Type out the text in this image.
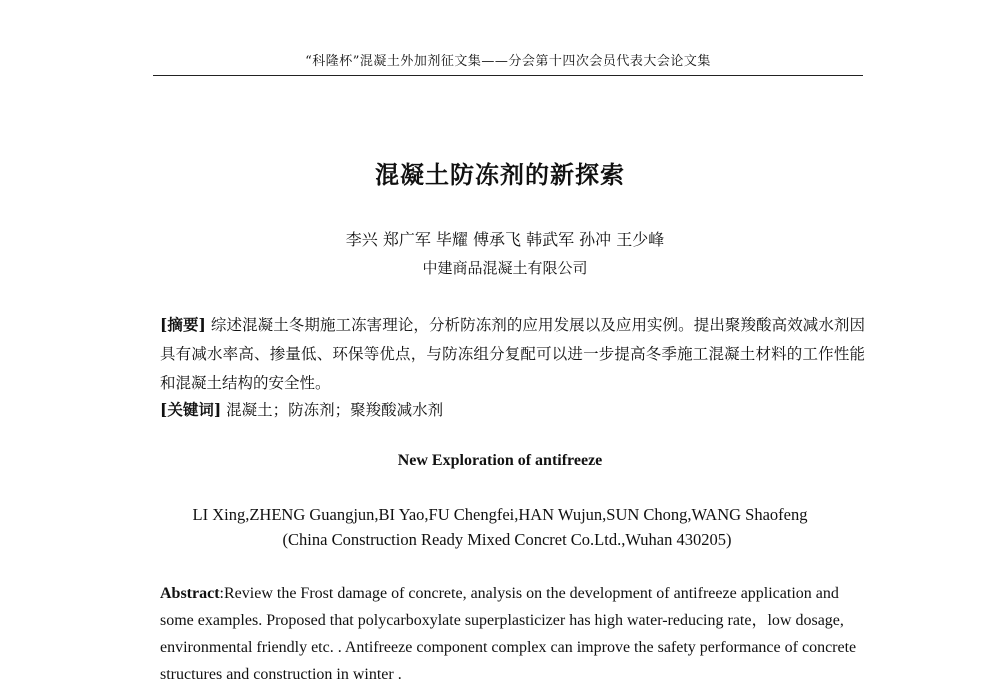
“科隆杯”混凝土外加剂征文集——分会第十四次会员代表大会论文集
混凝土防冻剂的新探索
李兴 郑广军 毕耀 傅承飞 韩武军 孙冲 王少峰
中建商品混凝土有限公司
[摘要] 综述混凝土冬期施工冻害理论，分析防冻剂的应用发展以及应用实例。提出聚羧酸高效减水剂因具有减水率高、掺量低、环保等优点，与防冻组分复配可以进一步提高冬季施工混凝土材料的工作性能和混凝土结构的安全性。
[关键词] 混凝土；防冻剂；聚羧酸减水剂
New Exploration of antifreeze
LI Xing,ZHENG Guangjun,BI Yao,FU Chengfei,HAN Wujun,SUN Chong,WANG Shaofeng
(China Construction Ready Mixed Concret Co.Ltd.,Wuhan 430205)
Abstract:Review the Frost damage of concrete, analysis on the development of antifreeze application and some examples. Proposed that polycarboxylate superplasticizer has high water-reducing rate，low dosage, environmental friendly etc. . Antifreeze component complex can improve the safety performance of concrete structures and construction in winter .
